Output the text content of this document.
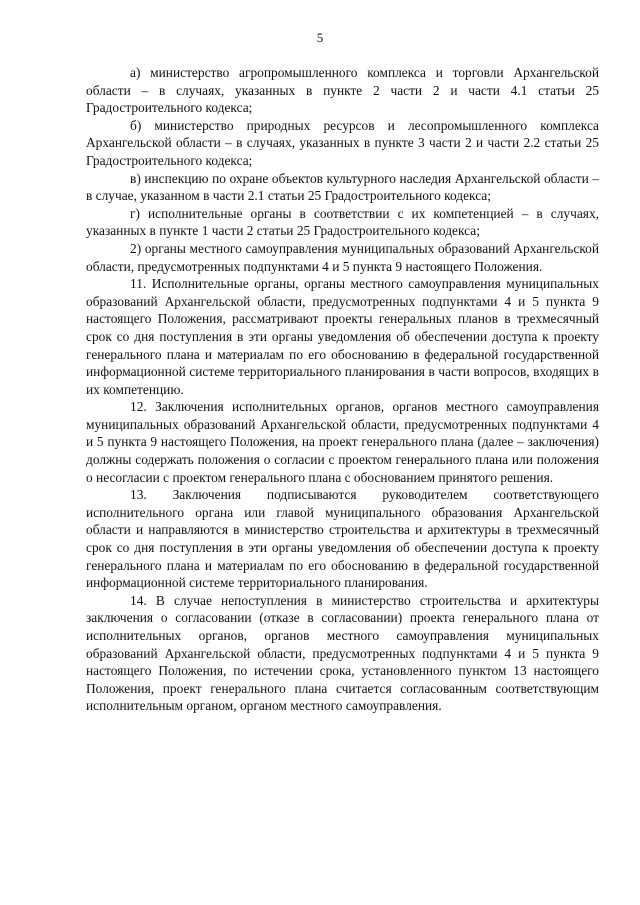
5

а) министерство агропромышленного комплекса и торговли Архангельской области – в случаях, указанных в пункте 2 части 2 и части 4.1 статьи 25 Градостроительного кодекса;

б) министерство природных ресурсов и лесопромышленного комплекса Архангельской области – в случаях, указанных в пункте 3 части 2 и части 2.2 статьи 25 Градостроительного кодекса;

в) инспекцию по охране объектов культурного наследия Архангельской области – в случае, указанном в части 2.1 статьи 25 Градостроительного кодекса;

г) исполнительные органы в соответствии с их компетенцией – в случаях, указанных в пункте 1 части 2 статьи 25 Градостроительного кодекса;

2) органы местного самоуправления муниципальных образований Архангельской области, предусмотренных подпунктами 4 и 5 пункта 9 настоящего Положения.

11. Исполнительные органы, органы местного самоуправления муниципальных образований Архангельской области, предусмотренных подпунктами 4 и 5 пункта 9 настоящего Положения, рассматривают проекты генеральных планов в трехмесячный срок со дня поступления в эти органы уведомления об обеспечении доступа к проекту генерального плана и материалам по его обоснованию в федеральной государственной информационной системе территориального планирования в части вопросов, входящих в их компетенцию.

12. Заключения исполнительных органов, органов местного самоуправления муниципальных образований Архангельской области, предусмотренных подпунктами 4 и 5 пункта 9 настоящего Положения, на проект генерального плана (далее – заключения) должны содержать положения о согласии с проектом генерального плана или положения о несогласии с проектом генерального плана с обоснованием принятого решения.

13. Заключения подписываются руководителем соответствующего исполнительного органа или главой муниципального образования Архангельской области и направляются в министерство строительства и архитектуры в трехмесячный срок со дня поступления в эти органы уведомления об обеспечении доступа к проекту генерального плана и материалам по его обоснованию в федеральной государственной информационной системе территориального планирования.

14. В случае непоступления в министерство строительства и архитектуры заключения о согласовании (отказе в согласовании) проекта генерального плана от исполнительных органов, органов местного самоуправления муниципальных образований Архангельской области, предусмотренных подпунктами 4 и 5 пункта 9 настоящего Положения, по истечении срока, установленного пунктом 13 настоящего Положения, проект генерального плана считается согласованным соответствующим исполнительным органом, органом местного самоуправления.
